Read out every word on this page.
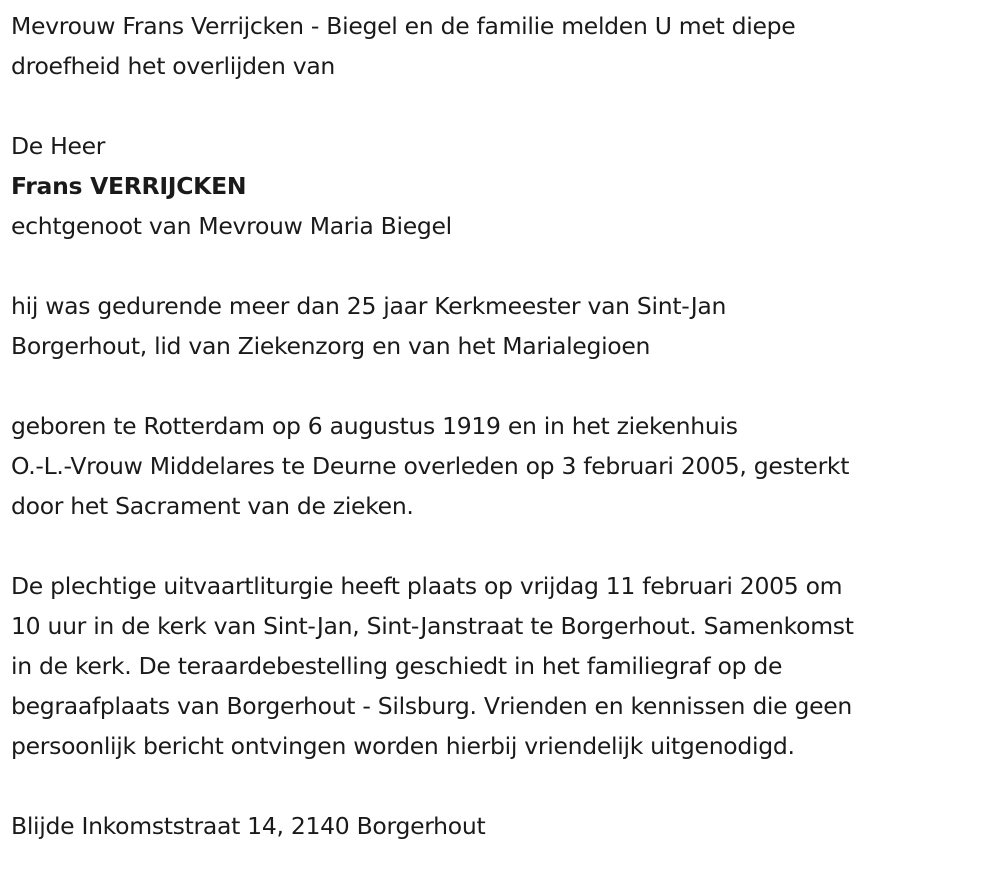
Mevrouw Frans Verrijcken - Biegel en de familie melden U met diepe

droefheid het overlijden van

De Heer

Frans VERRIJCKEN

echtgenoot van Mevrouw Maria Biegel

hij was gedurende meer dan 25 jaar Kerkmeester van Sint-Jan

Borgerhout, lid van Ziekenzorg en van het Marialegioen

geboren te Rotterdam op 6 augustus 1919 en in het ziekenhuis

O.-L.-Vrouw Middelares te Deurne overleden op 3 februari 2005, gesterkt

door het Sacrament van de zieken.

De plechtige uitvaartliturgie heeft plaats op vrijdag 11 februari 2005 om

10 uur in de kerk van Sint-Jan, Sint-Janstraat te Borgerhout. Samenkomst

in de kerk. De teraardebestelling geschiedt in het familiegraf op de

begraafplaats van Borgerhout - Silsburg. Vrienden en kennissen die geen

persoonlijk bericht ontvingen worden hierbij vriendelijk uitgenodigd.

Blijde Inkomststraat 14, 2140 Borgerhout
